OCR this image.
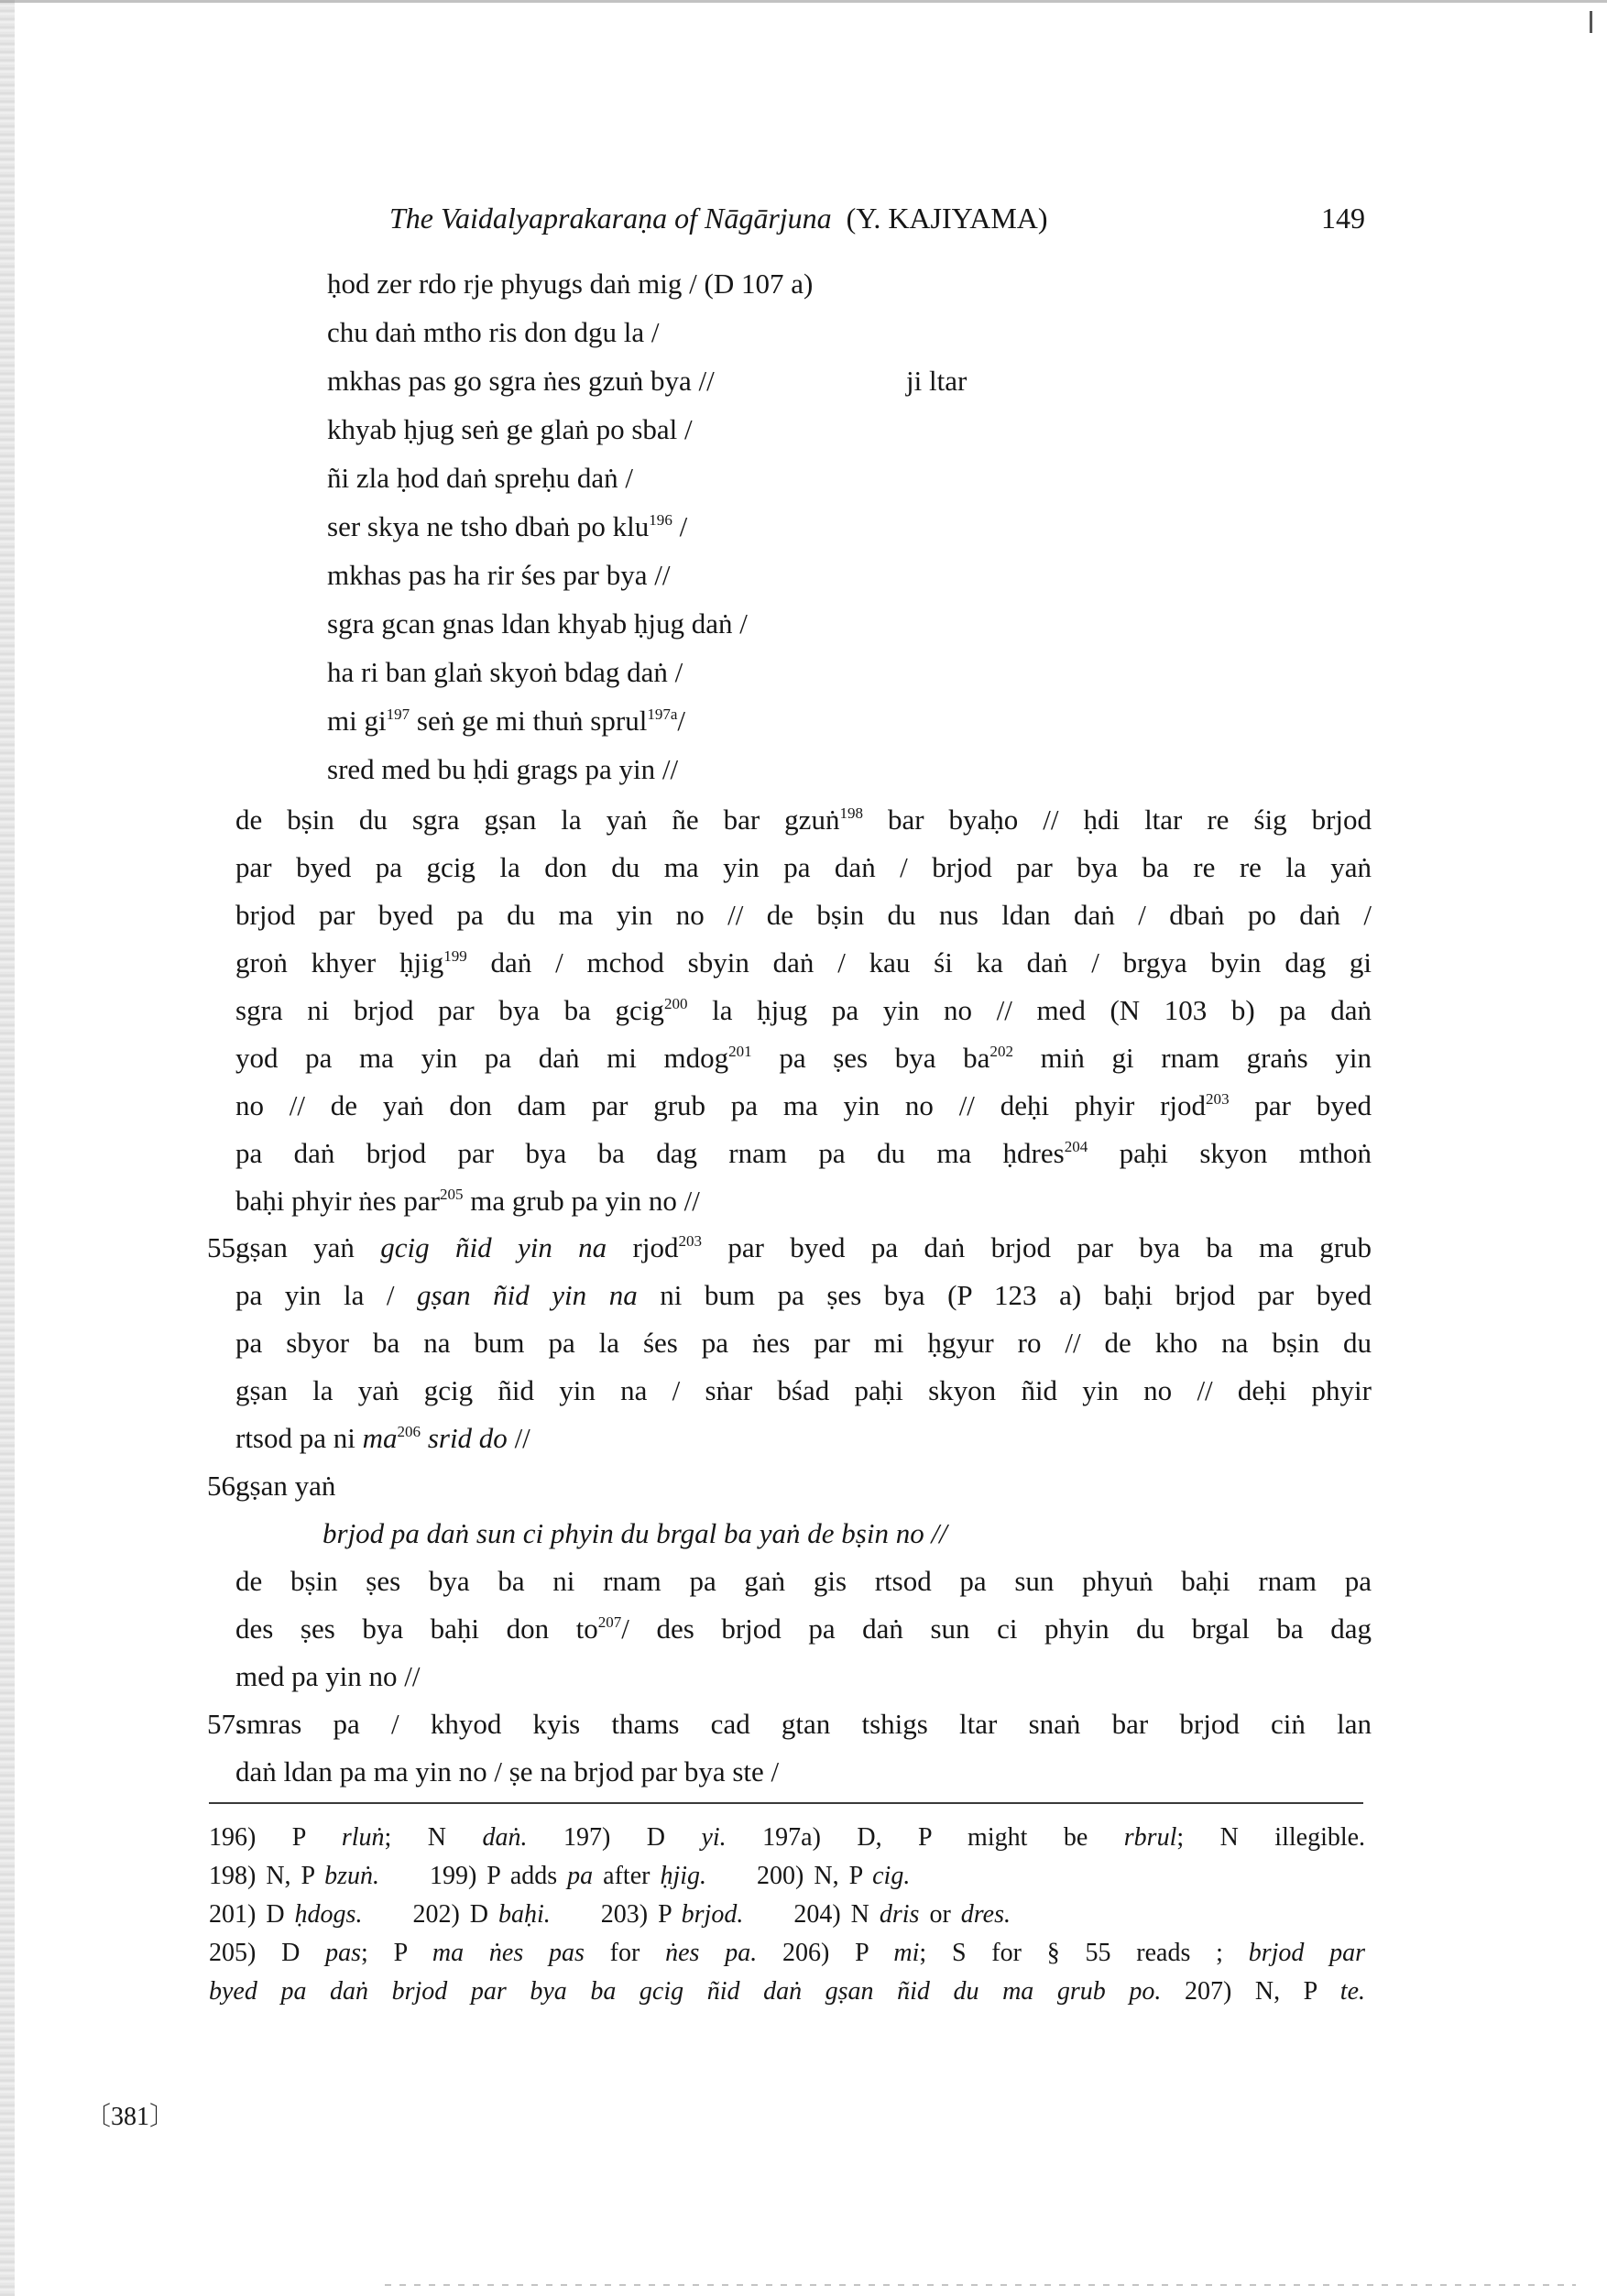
The Vaidalyaprakaraṇa of Nāgārjuna (Y. KAJIYAMA)	149
ḥod zer rdo rje phyugs daṅ mig / (D 107 a)
chu daṅ mtho ris don dgu la /
mkhas pas go sgra ṅes gzuṅ bya //	ji ltar
khyab ḥjug seṅ ge glaṅ po sbal /
ñi zla ḥod daṅ spreḥu daṅ /
ser skya ne tsho dbaṅ po klu$^{196}$ /
mkhas pas ha rir śes par bya //
sgra gcan gnas ldan khyab ḥjug daṅ /
ha ri ban glaṅ skyoṅ bdag daṅ /
mi $gi^{197}$ seṅ ge mi thuṅ sprul$^{197a}$/
sred med bu ḥdi grags pa yin //
de bṣin du sgra gṣan la yaṅ ñe bar gzuṅ$^{198}$ bar byaḥo // ḥdi ltar re śig brjod
par byed pa gcig la don du ma yin pa daṅ / brjod par bya ba re re la yaṅ
brjod par byed pa du ma yin no // de bṣin du nus ldan daṅ / dbaṅ po daṅ /
groṅ khyer ḥjig$^{199}$ daṅ / mchod sbyin daṅ / kau śi ka daṅ / brgya byin dag gi
sgra ni brjod par bya ba gcig$^{200}$ la ḥjug pa yin no // med (N 103 b) pa daṅ
yod pa ma yin pa daṅ mi mdog$^{201}$ pa ṣes bya $ba^{202}$ miṅ gi rnam graṅs yin
no // de yaṅ don dam par grub pa ma yin no // deḥi phyir rjod$^{203}$ par byed
pa daṅ brjod par bya ba dag rnam pa du ma ḥdres$^{204}$ paḥi skyon mthoṅ
baḥi phyir ṅes par$^{205}$ ma grub pa yin no //
55.
gṣan yaṅ gcig ñid yin na rjod$^{203}$ par byed pa daṅ brjod par bya ba ma grub
pa yin la / gṣan ñid yin na ni bum pa ṣes bya (P 123 a) baḥi brjod par byed
pa sbyor ba na bum pa la śes pa ṅes par mi ḥgyur ro // de kho na bṣin du
gṣan la yaṅ gcig ñid yin na / sṅar bśad paḥi skyon ñid yin no // deḥi phyir
rtsod pa ni $ma^{206}$ srid do //
56.
gṣan yaṅ
brjod pa daṅ sun ci phyin du brgal ba yaṅ de bṣin no //
de bṣin ṣes bya ba ni rnam pa gaṅ gis rtsod pa sun phyuṅ baḥi rnam pa
des ṣes bya baḥi don $to^{207}/$ des brjod pa daṅ sun ci phyin du brgal ba dag
med pa yin no //
57.
smras pa / khyod kyis thams cad gtan tshigs ltar snaṅ bar brjod ciṅ lan
daṅ ldan pa ma yin no / ṣe na brjod par bya ste /
196) P rluṅ; N daṅ. 197) D yi. 197a) D, P might be rbrul; N illegible.
198) N, P bzuṅ. 199) P adds pa after ḥjig. 200) N, P cig.
201) D ḥdogs. 202) D baḥi. 203) P brjod. 204) N dris or dres.
205) D pas; P ma ṅes pas for ṅes pa. 206) P mi; S for § 55 reads ; brjod par
byed pa daṅ brjod par bya ba gcig ñid daṅ gṣan ñid du ma grub po. 207) N, P te.
〔381〕
